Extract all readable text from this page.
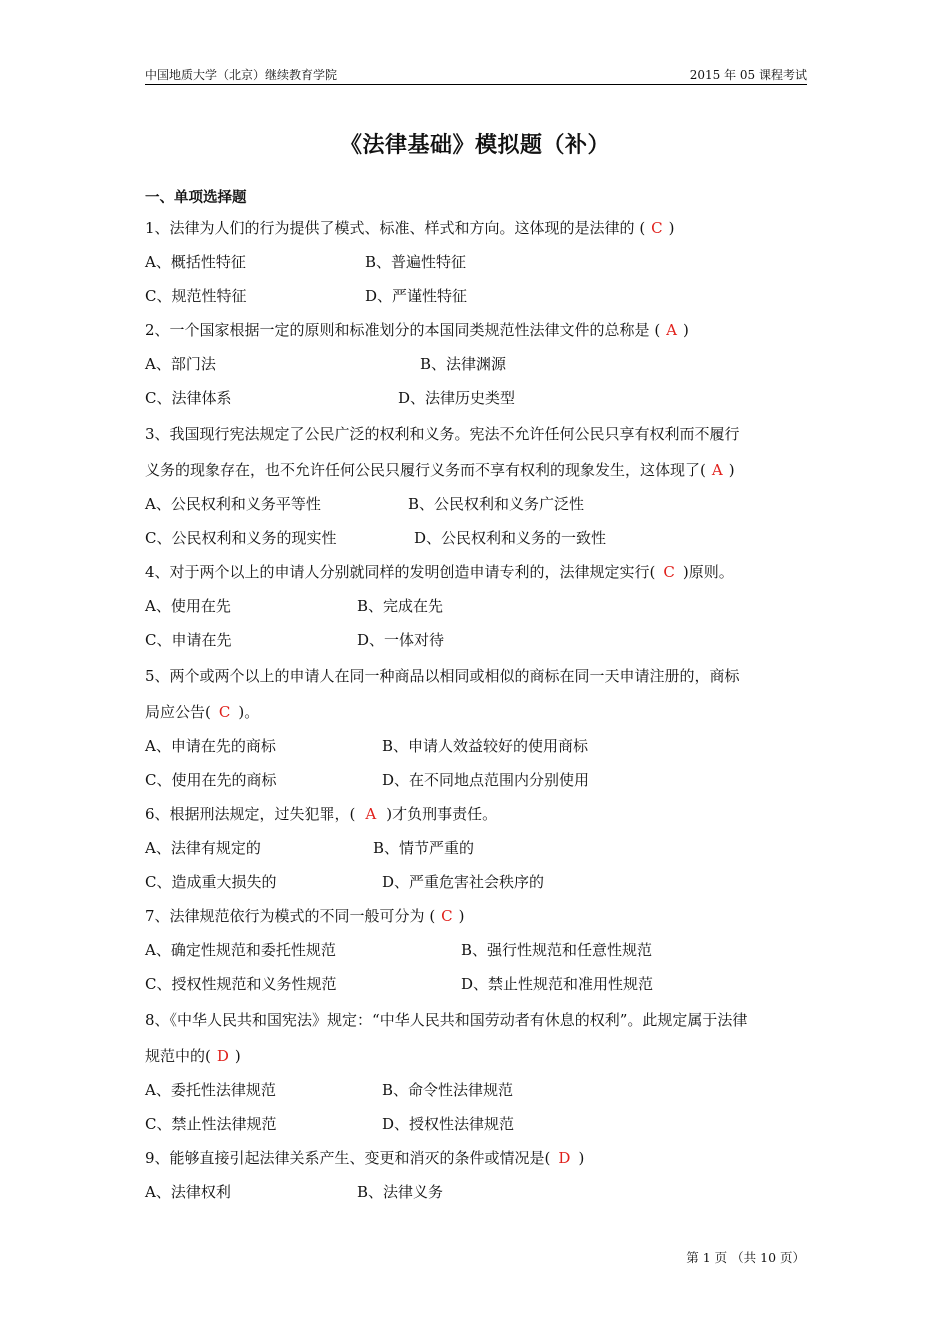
中国地质大学（北京）继续教育学院	2015 年 05 课程考试
《法律基础》模拟题（补）
一、单项选择题
1、法律为人们的行为提供了模式、标准、样式和方向。这体现的是法律的 ( C )
A、概括性特征	B、普遍性特征
C、规范性特征	D、严谨性特征
2、一个国家根据一定的原则和标准划分的本国同类规范性法律文件的总称是 ( A )
A、部门法	B、法律渊源
C、法律体系	D、法律历史类型
3、我国现行宪法规定了公民广泛的权利和义务。宪法不允许任何公民只享有权利而不履行
义务的现象存在，也不允许任何公民只履行义务而不享有权利的现象发生，这体现了( A )
A、公民权利和义务平等性	B、公民权利和义务广泛性
C、公民权利和义务的现实性	D、公民权利和义务的一致性
4、对于两个以上的申请人分别就同样的发明创造申请专利的，法律规定实行( C )原则。
A、使用在先	B、完成在先
C、申请在先	D、一体对待
5、两个或两个以上的申请人在同一种商品以相同或相似的商标在同一天申请注册的，商标
局应公告( C )。
A、申请在先的商标	B、申请人效益较好的使用商标
C、使用在先的商标	D、在不同地点范围内分别使用
6、根据刑法规定，过失犯罪，( A )才负刑事责任。
A、法律有规定的	B、情节严重的
C、造成重大损失的	D、严重危害社会秩序的
7、法律规范依行为模式的不同一般可分为 ( C )
A、确定性规范和委托性规范	B、强行性规范和任意性规范
C、授权性规范和义务性规范	D、禁止性规范和准用性规范
8、《中华人民共和国宪法》规定：“中华人民共和国劳动者有休息的权利”。此规定属于法律
规范中的( D )
A、委托性法律规范	B、命令性法律规范
C、禁止性法律规范	D、授权性法律规范
9、能够直接引起法律关系产生、变更和消灭的条件或情况是( D )
A、法律权利	B、法律义务
第 1 页 （共 10 页）
